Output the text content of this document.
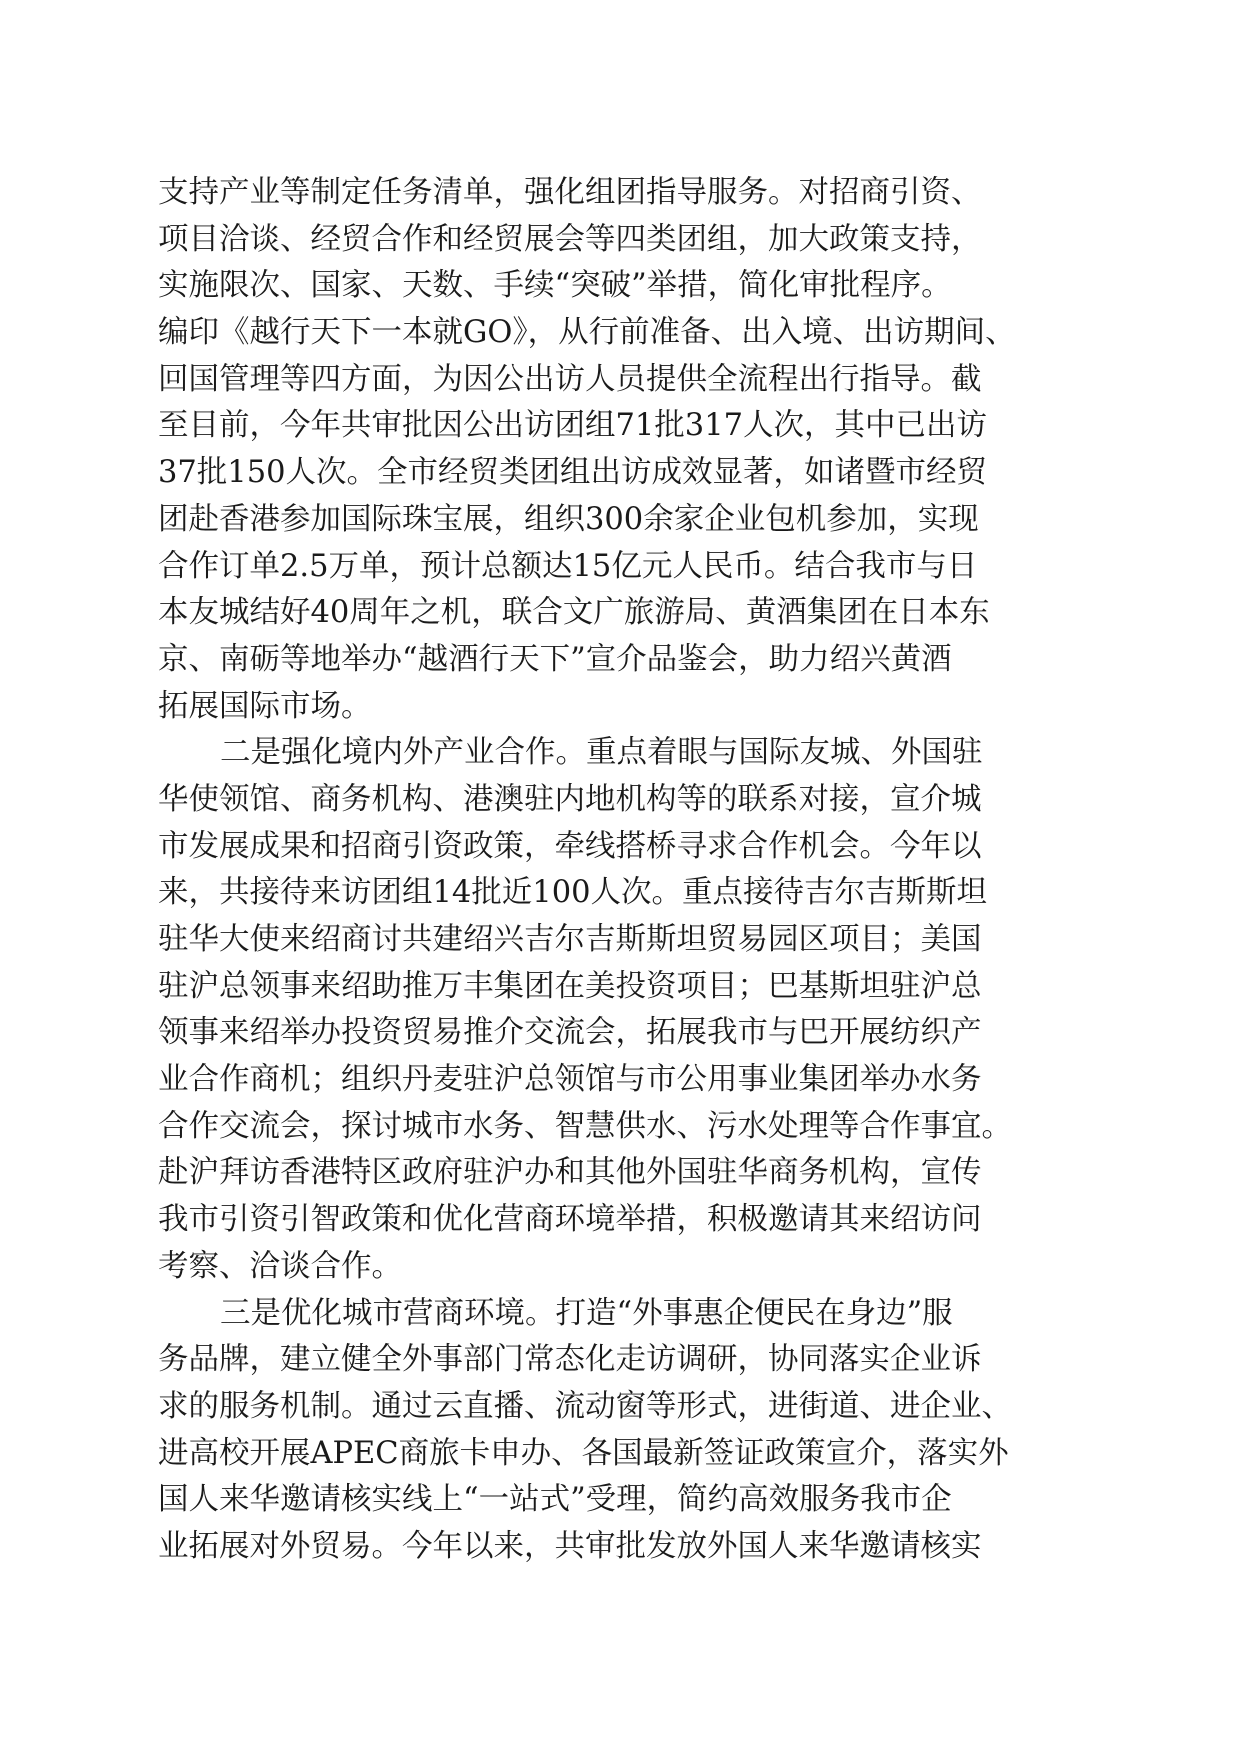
支持产业等制定任务清单，强化组团指导服务。对招商引资、
项目洽谈、经贸合作和经贸展会等四类团组，加大政策支持，
实施限次、国家、天数、手续“突破”举措，简化审批程序。
编印《越行天下一本就GO》，从行前准备、出入境、出访期间、
回国管理等四方面，为因公出访人员提供全流程出行指导。截
至目前，今年共审批因公出访团组71批317人次，其中已出访
37批150人次。全市经贸类团组出访成效显著，如诸暨市经贸
团赴香港参加国际珠宝展，组织300余家企业包机参加，实现
合作订单2.5万单，预计总额达15亿元人民币。结合我市与日
本友城结好40周年之机，联合文广旅游局、黄酒集团在日本东
京、南砺等地举办“越酒行天下”宣介品鉴会，助力绍兴黄酒
拓展国际市场。
二是强化境内外产业合作。重点着眼与国际友城、外国驻
华使领馆、商务机构、港澳驻内地机构等的联系对接，宣介城
市发展成果和招商引资政策，牵线搭桥寻求合作机会。今年以
来，共接待来访团组14批近100人次。重点接待吉尔吉斯斯坦
驻华大使来绍商讨共建绍兴吉尔吉斯斯坦贸易园区项目；美国
驻沪总领事来绍助推万丰集团在美投资项目；巴基斯坦驻沪总
领事来绍举办投资贸易推介交流会，拓展我市与巴开展纺织产
业合作商机；组织丹麦驻沪总领馆与市公用事业集团举办水务
合作交流会，探讨城市水务、智慧供水、污水处理等合作事宜。
赴沪拜访香港特区政府驻沪办和其他外国驻华商务机构，宣传
我市引资引智政策和优化营商环境举措，积极邀请其来绍访问
考察、洽谈合作。
三是优化城市营商环境。打造“外事惠企便民在身边”服
务品牌，建立健全外事部门常态化走访调研，协同落实企业诉
求的服务机制。通过云直播、流动窗等形式，进街道、进企业、
进高校开展APEC商旅卡申办、各国最新签证政策宣介，落实外
国人来华邀请核实线上“一站式”受理，简约高效服务我市企
业拓展对外贸易。今年以来，共审批发放外国人来华邀请核实
